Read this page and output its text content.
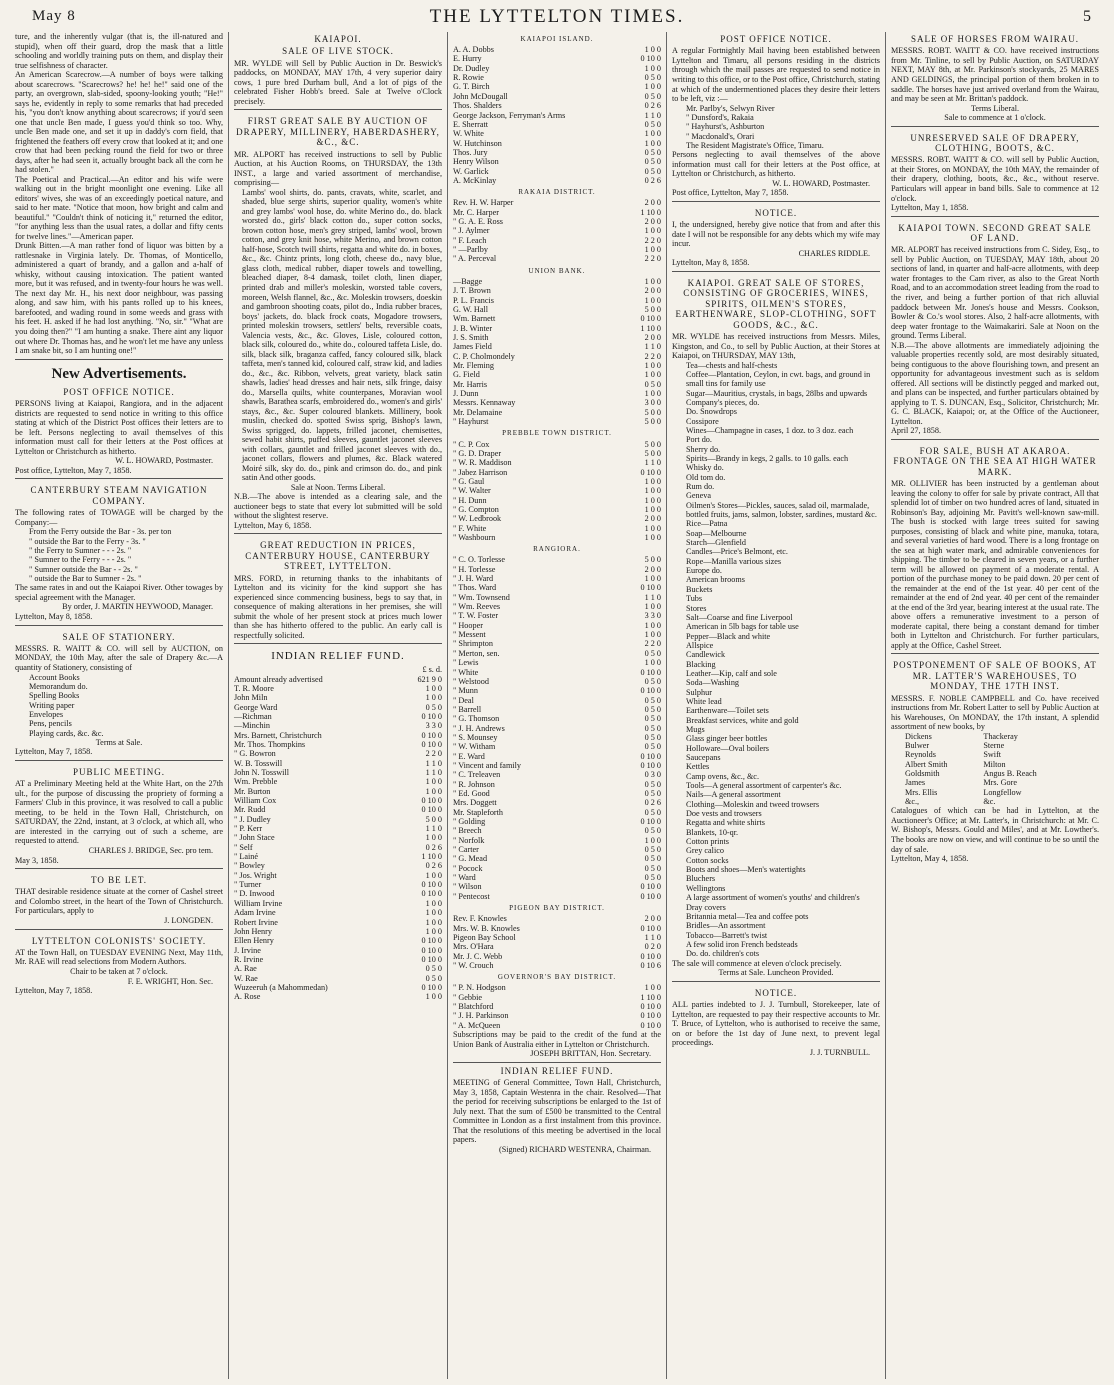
May 8	THE LYTTELTON TIMES.	5
ture, and the inherently vulgar (that is, the ill-natured and stupid), when off their guard, drop the mask that a little schooling and worldly training puts on them, and display their true selfishness of character.
An American Scarecrow.—A number of boys were talking about scarecrows. "Scarecrows? he! he! he!" said one of the party, an overgrown, slab-sided, spoony-looking youth; "He!" says he, evidently in reply to some remarks that had preceded his, "you don't know anything about scarecrows; if you'd seen one that uncle Ben made, I guess you'd think so too. Why, uncle Ben made one, and set it up in daddy's corn field, that frightened the feathers off every crow that looked at it; and one crow that had been pecking round the field for two or three days, after he had seen it, actually brought back all the corn he had stolen."
The Poetical and Practical.—An editor and his wife were walking out in the bright moonlight one evening. Like all editors' wives, she was of an exceedingly poetical nature, and said to her mate. "Notice that moon, how bright and calm and beautiful." "Couldn't think of noticing it," returned the editor, "for anything less than the usual rates, a dollar and fifty cents for twelve lines."—American paper.
Drunk Bitten.—A man rather fond of liquor was bitten by a rattlesnake in Virginia lately. Dr. Thomas, of Monticello, administered a quart of brandy, and a gallon and a-half of whisky, without causing intoxication. The patient wanted more, but it was refused, and in twenty-four hours he was well. The next day Mr. H., his next door neighbour, was passing along, and saw him, with his pants rolled up to his knees, barefooted, and wading round in some weeds and grass with his feet. H. asked if he had lost anything. "No, sir." "What are you doing then?" "I am hunting a snake. There aint any liquor out where Dr. Thomas has, and he won't let me have any unless I am snake bit, so I am hunting one!"
New Advertisements.
POST OFFICE NOTICE.
PERSONS living at Kaiapoi, Rangiora, and in the adjacent districts are requested to send notice in writing to this office stating at which of the District Post offices their letters are to be left. Persons neglecting to avail themselves of this information must call for their letters at the Post offices at Lyttelton or Christchurch as hitherto.
W. L. HOWARD, Postmaster.
Post office, Lyttelton, May 7, 1858.
CANTERBURY STEAM NAVIGATION COMPANY.
The following rates of TOWAGE will be charged by the Company:—
From the Ferry outside the Bar - 3s. per ton
" outside the Bar to the Ferry - 3s. "
" the Ferry to Sumner - - - 2s. "
" Sumner to the Ferry - - - 2s. "
" Sumner outside the Bar - - 2s. "
" outside the Bar to Sumner - 2s. "
The same rates in and out the Kaiapoi River. Other towages by special agreement with the Manager.
By order, J. MARTIN HEYWOOD, Manager.
Lyttelton, May 8, 1858.
SALE OF STATIONERY.
MESSRS. R. WAITT & CO. will sell by AUCTION, on MONDAY, the 10th May, after the sale of Drapery &c.—A quantity of Stationery, consisting of
Account Books
Memorandum do.
Spelling Books
Writing paper
Envelopes
Pens, pencils
Playing cards, &c. &c.
Terms at Sale.
Lyttelton, May 7, 1858.
PUBLIC MEETING.
AT a Preliminary Meeting held at the White Hart, on the 27th ult., for the purpose of discussing the propriety of forming a Farmers' Club in this province, it was resolved to call a public meeting, to be held in the Town Hall, Christchurch, on SATURDAY, the 22nd, instant, at 3 o'clock, at which all, who are interested in the carrying out of such a scheme, are requested to attend.
CHARLES J. BRIDGE, Sec. pro tem.
May 3, 1858.
TO BE LET.
THAT desirable residence situate at the corner of Cashel street and Colombo street, in the heart of the Town of Christchurch. For particulars, apply to
J. LONGDEN.
LYTTELTON COLONISTS' SOCIETY.
AT the Town Hall, on TUESDAY EVENING Next, May 11th, Mr. RAE will read selections from Modern Authors.
Chair to be taken at 7 o'clock.
F. E. WRIGHT, Hon. Sec.
Lyttelton, May 7, 1858.
KAIAPOI.
SALE OF LIVE STOCK.
MR. WYLDE will Sell by Public Auction in Dr. Beswick's paddocks, on MONDAY, MAY 17th, 4 very superior dairy cows, 1 pure bred Durham bull, And a lot of pigs of the celebrated Fisher Hobb's breed. Sale at Twelve o'Clock precisely.
FIRST GREAT SALE BY AUCTION OF DRAPERY, MILLINERY, HABERDASHERY, &C., &C.
MR. ALPORT has received instructions to sell by Public Auction, at his Auction Rooms, on THURSDAY, the 13th INST., a large and varied assortment of merchandise, comprising—
Lambs' wool shirts, do. pants, cravats, white, scarlet, and shaded, blue serge shirts, superior quality, women's white and grey lambs' wool hose, do. white Merino do., do. black worsted do., girls' black cotton do., super cotton socks, brown cotton hose, men's grey striped, lambs' wool, brown cotton, and grey knit hose, white Merino, and brown cotton half-hose, Scotch twill shirts, regatta and white do. in boxes, &c., &c. Chintz prints, long cloth, cheese do., navy blue, glass cloth, medical rubber, diaper towels and towelling, bleached diaper, 8-4 damask, toilet cloth, linen diaper, printed drab and miller's moleskin, worsted table covers, moreen, Welsh flannel, &c., &c. Moleskin trowsers, doeskin and gambroon shooting coats, pilot do., India rubber braces, boys' jackets, do. black frock coats, Mogadore trowsers, printed moleskin trowsers, settlers' belts, reversible coats, Valencia vests, &c., &c. Gloves, Lisle, coloured cotton, black silk, coloured do., white do., coloured taffeta Lisle, do. silk, black silk, braganza caffed, fancy coloured silk, black taffeta, men's tanned kid, coloured calf, straw kid, and ladies do., &c., &c. Ribbon, velvets, great variety, black satin shawls, ladies' head dresses and hair nets, silk fringe, daisy do., Marsella quilts, white counterpanes, Moravian wool shawls, Barathea scarfs, embroidered do., women's and girls' stays, &c., &c. Super coloured blankets. Millinery, book muslin, checked do. spotted Swiss sprig, Bishop's lawn, Swiss sprigged, do. lappets, frilled jaconet, chemisettes, sewed habit shirts, puffed sleeves, gauntlet jaconet sleeves with collars, gauntlet and frilled jaconet sleeves with do., jaconet collars, flowers and plumes, &c. Black watered Moiré silk, sky do. do., pink and crimson do. do., and pink satin And other goods.
Sale at Noon. Terms Liberal.
N.B.—The above is intended as a clearing sale, and the auctioneer begs to state that every lot submitted will be sold without the slightest reserve.
Lyttelton, May 6, 1858.
GREAT REDUCTION IN PRICES, CANTERBURY HOUSE, CANTERBURY STREET, LYTTELTON.
MRS. FORD, in returning thanks to the inhabitants of Lyttelton and its vicinity for the kind support she has experienced since commencing business, begs to say that, in consequence of making alterations in her premises, she will submit the whole of her present stock at prices much lower than she has hitherto offered to the public. An early call is respectfully solicited.
INDIAN RELIEF FUND.
£ s. d.
Amount already advertised	621 9 0
T. R. Moore	1 0 0
John Miln	1 0 0
George Ward	0 5 0
—Richman	0 10 0
—Minchin	3 3 0
Mrs. Barnett, Christchurch	0 10 0
Mr. Thos. Thompkins	0 10 0
" G. Bowron	2 2 0
W. B. Tosswill	1 1 0
John N. Tosswill	1 1 0
Wm. Prebble	1 0 0
Mr. Burton	1 0 0
William Cox	0 10 0
Mr. Rudd	0 10 0
" J. Dudley	5 0 0
" P. Kerr	1 1 0
" John Stace	1 0 0
" Self	0 2 6
" Lainé	1 10 0
" Bowley	0 2 6
" Jos. Wright	1 0 0
" Turner	0 10 0
" D. Inwood	0 10 0
William Irvine	1 0 0
Adam Irvine	1 0 0
Robert Irvine	1 0 0
John Henry	1 0 0
Ellen Henry	0 10 0
J. Irvine	0 10 0
R. Irvine	0 10 0
A. Rae	0 5 0
W. Rae	0 5 0
Wuzeeruh (a Mahommedan)	0 10 0
A. Rose	1 0 0
KAIAPOI ISLAND.
A. A. Dobbs	1 0 0
E. Hurry	0 10 0
Dr. Dudley	1 0 0
R. Rowie	0 5 0
G. T. Birch	1 0 0
John McDougall	0 5 0
Thos. Shalders	0 2 6
George Jackson, Ferryman's Arms	1 1 0
E. Sherratt	0 5 0
W. White	1 0 0
W. Hutchinson	1 0 0
Thos. Jury	0 5 0
Henry Wilson	0 5 0
W. Garlick	0 5 0
A. McKinlay	0 2 6
RAKAIA DISTRICT.
Rev. H. W. Harper	2 0 0
Mr. C. Harper	1 10 0
" G. A. E. Ross	2 0 0
" J. Aylmer	1 0 0
" F. Leach	2 2 0
" —Parlby	1 0 0
" A. Perceval	2 2 0
UNION BANK.
—Bagge	1 0 0
J. T. Brown	2 0 0
P. L. Francis	1 0 0
G. W. Hall	5 0 0
Wm. Barnett	0 10 0
J. B. Winter	1 10 0
J. S. Smith	2 0 0
James Field	1 1 0
C. P. Cholmondely	2 2 0
Mr. Fleming	1 0 0
G. Field	1 0 0
Mr. Harris	0 5 0
J. Dunn	1 0 0
Messrs. Kennaway	3 0 0
Mr. Delamaine	5 0 0
" Hayhurst	5 0 0
PREBBLE TOWN DISTRICT.
" C. P. Cox	5 0 0
" G. D. Draper	5 0 0
" W. R. Maddison	1 1 0
" Jabez Harrison	0 10 0
" G. Gaul	1 0 0
" W. Walter	1 0 0
" H. Dunn	1 0 0
" G. Compton	1 0 0
" W. Ledbrook	2 0 0
" F. White	1 0 0
" Washbourn	1 0 0
RANGIORA.
" C. O. Torlesse	5 0 0
" H. Torlesse	2 0 0
" J. H. Ward	1 0 0
" Thos. Ward	0 10 0
" Wm. Townsend	1 1 0
" Wm. Reeves	1 0 0
" T. W. Foster	3 3 0
" Hooper	1 0 0
" Messent	1 0 0
" Shrimpton	2 2 0
" Merton, sen.	0 5 0
" Lewis	1 0 0
" White	0 10 0
" Welstood	0 5 0
" Munn	0 10 0
" Deal	0 5 0
" Barrell	0 5 0
" G. Thomson	0 5 0
" J. H. Andrews	0 5 0
" S. Mounsey	0 5 0
" W. Witham	0 5 0
" E. Ward	0 10 0
" Vincent and family	0 10 0
" C. Treleaven	0 3 0
" R. Johnson	0 5 0
" Ed. Good	0 5 0
Mrs. Doggett	0 2 6
Mr. Stapleforth	0 5 0
" Golding	0 10 0
" Breech	0 5 0
" Norfolk	1 0 0
" Carter	0 5 0
" G. Mead	0 5 0
" Pocock	0 5 0
" Ward	0 5 0
" Wilson	0 10 0
" Pentecost	0 10 0
PIGEON BAY DISTRICT.
Rev. F. Knowles	2 0 0
Mrs. W. B. Knowles	0 10 0
Pigeon Bay School	1 1 0
Mrs. O'Hara	0 2 0
Mr. J. C. Webb	0 10 0
" W. Crouch	0 10 6
GOVERNOR'S BAY DISTRICT.
" P. N. Hodgson	1 0 0
" Gebbie	1 10 0
" Blatchford	0 10 0
" J. H. Parkinson	0 10 0
" A. McQueen	0 10 0
Subscriptions may be paid to the credit of the fund at the Union Bank of Australia either in Lyttelton or Christchurch.
JOSEPH BRITTAN, Hon. Secretary.
INDIAN RELIEF FUND.
MEETING of General Committee, Town Hall, Christchurch, May 3, 1858, Captain Westenra in the chair. Resolved—That the period for receiving subscriptions be enlarged to the 1st of July next. That the sum of £500 be transmitted to the Central Committee in London as a first instalment from this province. That the resolutions of this meeting be advertised in the local papers.
(Signed) RICHARD WESTENRA, Chairman.
POST OFFICE NOTICE.
A regular Fortnightly Mail having been established between Lyttelton and Timaru, all persons residing in the districts through which the mail passes are requested to send notice in writing to this office, or to the Post office, Christchurch, stating at which of the undermentioned places they desire their letters to be left, viz :—
Mr. Parlby's, Selwyn River
" Dunsford's, Rakaia
" Hayhurst's, Ashburton
" Macdonald's, Orari
The Resident Magistrate's Office, Timaru.
Persons neglecting to avail themselves of the above information must call for their letters at the Post office, at Lyttelton or Christchurch, as hitherto.
W. L. HOWARD, Postmaster.
Post office, Lyttelton, May 7, 1858.
NOTICE.
I, the undersigned, hereby give notice that from and after this date I will not be responsible for any debts which my wife may incur.
CHARLES RIDDLE.
Lyttelton, May 8, 1858.
KAIAPOI. GREAT SALE OF STORES, CONSISTING OF GROCERIES, WINES, SPIRITS, OILMEN'S STORES, EARTHENWARE, SLOP-CLOTHING, SOFT GOODS, &C., &C.
MR. WYLDE has received instructions from Messrs. Miles, Kingston, and Co., to sell by Public Auction, at their Stores at Kaiapoi, on THURSDAY, MAY 13th,
Tea—chests and half-chests
Coffee—Plantation, Ceylon, in cwt. bags, and ground in small tins for family use
Sugar—Mauritius, crystals, in bags, 28lbs and upwards
Company's pieces, do.
Do. Snowdrops
Cossipore
Wines—Champagne in cases, 1 doz. to 3 doz. each
Port do.
Sherry do.
Spirits—Brandy in kegs, 2 galls. to 10 galls. each
Whisky do.
Old tom do.
Rum do.
Geneva
Oilmen's Stores—Pickles, sauces, salad oil, marmalade, bottled fruits, jams, salmon, lobster, sardines, mustard &c.
Rice—Patna
Soap—Melbourne
Starch—Glenfield
Candles—Price's Belmont, etc.
Rope—Manilla various sizes
Europe do.
American brooms
Buckets
Tubs
Stores
Salt—Coarse and fine Liverpool
American in 5lb bags for table use
Pepper—Black and white
Allspice
Candlewick
Blacking
Leather—Kip, calf and sole
Soda—Washing
Sulphur
White lead
Earthenware—Toilet sets
Breakfast services, white and gold
Mugs
Glass ginger beer bottles
Holloware—Oval boilers
Saucepans
Kettles
Camp ovens, &c., &c.
Tools—A general assortment of carpenter's &c.
Nails—A general assortment
Clothing—Moleskin and tweed trowsers
Doe vests and trowsers
Regatta and white shirts
Blankets, 10-qr.
Cotton prints
Grey calico
Cotton socks
Boots and shoes—Men's watertights
Bluchers
Wellingtons
A large assortment of women's youths' and children's
Dray covers
Britannia metal—Tea and coffee pots
Bridles—An assortment
Tobacco—Barrett's twist
A few solid iron French bedsteads
Do. do. children's cots
The sale will commence at eleven o'clock precisely.
Terms at Sale. Luncheon Provided.
NOTICE.
ALL parties indebted to J. J. Turnbull, Storekeeper, late of Lyttelton, are requested to pay their respective accounts to Mr. T. Bruce, of Lyttelton, who is authorised to receive the same, on or before the 1st day of June next, to prevent legal proceedings.
J. J. TURNBULL.
SALE OF HORSES FROM WAIRAU.
MESSRS. ROBT. WAITT & CO. have received instructions from Mr. Tinline, to sell by Public Auction, on SATURDAY NEXT, MAY 8th, at Mr. Parkinson's stockyards, 25 MARES AND GELDINGS, the principal portion of them broken in to saddle. The horses have just arrived overland from the Wairau, and may be seen at Mr. Brittan's paddock.
Terms Liberal.
Sale to commence at 1 o'clock.
UNRESERVED SALE OF DRAPERY, CLOTHING, BOOTS, &C.
MESSRS. ROBT. WAITT & CO. will sell by Public Auction, at their Stores, on MONDAY, the 10th MAY, the remainder of their drapery, clothing, boots, &c., &c., without reserve. Particulars will appear in band bills. Sale to commence at 12 o'clock.
Lyttelton, May 1, 1858.
KAIAPOI TOWN. SECOND GREAT SALE OF LAND.
MR. ALPORT has received instructions from C. Sidey, Esq., to sell by Public Auction, on TUESDAY, MAY 18th, about 20 sections of land, in quarter and half-acre allotments, with deep water frontages to the Cam river, as also to the Great North Road, and to an accommodation street leading from the road to the river, and being a further portion of that rich alluvial paddock between Mr. Jones's house and Messrs. Cookson, Bowler & Co.'s wool stores. Also, 2 half-acre allotments, with deep water frontage to the Waimakariri. Sale at Noon on the ground. Terms Liberal.
N.B.—The above allotments are immediately adjoining the valuable properties recently sold, are most desirably situated, being contiguous to the above flourishing town, and present an opportunity for advantageous investment such as is seldom offered. All sections will be distinctly pegged and marked out, and plans can be inspected, and further particulars obtained by applying to T. S. DUNCAN, Esq., Solicitor, Christchurch; Mr. G. C. BLACK, Kaiapoi; or, at the Office of the Auctioneer, Lyttelton.
April 27, 1858.
FOR SALE, BUSH AT AKAROA. FRONTAGE ON THE SEA AT HIGH WATER MARK.
MR. OLLIVIER has been instructed by a gentleman about leaving the colony to offer for sale by private contract, All that splendid lot of timber on two hundred acres of land, situated in Robinson's Bay, adjoining Mr. Pavitt's well-known saw-mill. The bush is stocked with large trees suited for sawing purposes, consisting of black and white pine, manuka, totara, and several varieties of hard wood. There is a long frontage on the sea at high water mark, and admirable conveniences for shipping. The timber to be cleared in seven years, or a further term will be allowed on payment of a moderate rental. A portion of the purchase money to be paid down. 20 per cent of the remainder at the end of the 1st year. 40 per cent of the remainder at the end of 2nd year. 40 per cent of the remainder at the end of the 3rd year, bearing interest at the usual rate. The above offers a remunerative investment to a person of moderate capital, there being a constant demand for timber both in Lyttelton and Christchurch. For further particulars, apply at the Office, Cashel Street.
POSTPONEMENT OF SALE OF BOOKS, AT MR. LATTER'S WAREHOUSES, TO MONDAY, THE 17TH INST.
MESSRS. F. NOBLE CAMPBELL and Co. have received instructions from Mr. Robert Latter to sell by Public Auction at his Warehouses, On MONDAY, the 17th instant, A splendid assortment of new books, by
Dickens	Thackeray
Bulwer	Sterne
Reynolds	Swift
Albert Smith	Milton
Goldsmith	Angus B. Reach
James	Mrs. Gore
Mrs. Ellis	Longfellow
&c.,	&c.
Catalogues of which can be had in Lyttelton, at the Auctioneer's Office; at Mr. Latter's, in Christchurch: at Mr. C. W. Bishop's, Messrs. Gould and Miles', and at Mr. Lowther's. The books are now on view, and will continue to be so until the day of sale.
Lyttelton, May 4, 1858.
